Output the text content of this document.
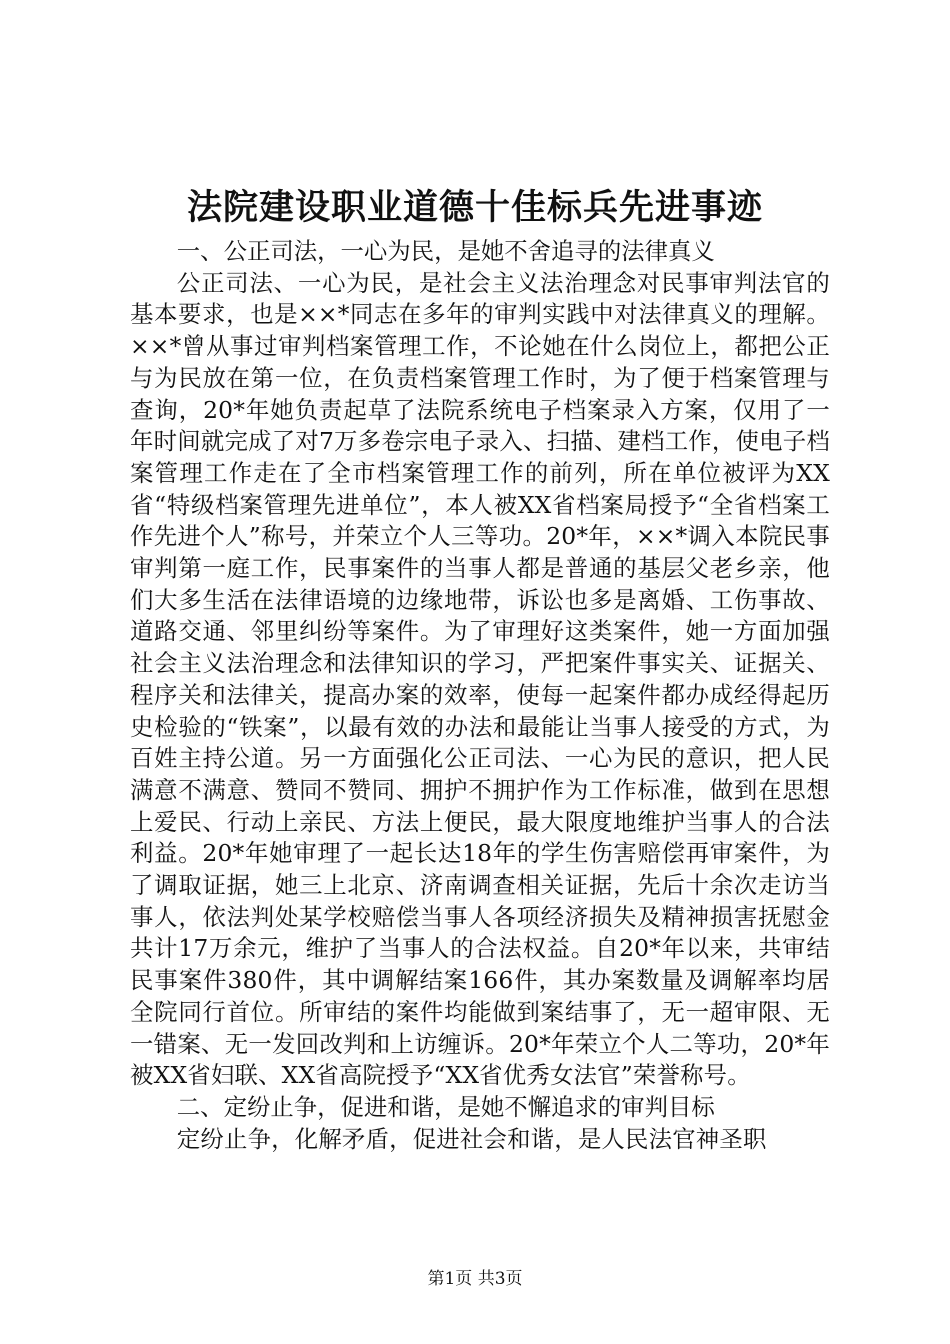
法院建设职业道德十佳标兵先进事迹

一、公正司法，一心为民，是她不舍追寻的法律真义

公正司法、一心为民，是社会主义法治理念对民事审判法官的基本要求，也是××*同志在多年的审判实践中对法律真义的理解。××*曾从事过审判档案管理工作，不论她在什么岗位上，都把公正与为民放在第一位，在负责档案管理工作时，为了便于档案管理与查询，20*年她负责起草了法院系统电子档案录入方案，仅用了一年时间就完成了对7万多卷宗电子录入、扫描、建档工作，使电子档案管理工作走在了全市档案管理工作的前列，所在单位被评为XX省“特级档案管理先进单位”，本人被XX省档案局授予“全省档案工作先进个人”称号，并荣立个人三等功。20*年，××*调入本院民事审判第一庭工作，民事案件的当事人都是普通的基层父老乡亲，他们大多生活在法律语境的边缘地带，诉讼也多是离婚、工伤事故、道路交通、邻里纠纷等案件。为了审理好这类案件，她一方面加强社会主义法治理念和法律知识的学习，严把案件事实关、证据关、程序关和法律关，提高办案的效率，使每一起案件都办成经得起历史检验的“铁案”，以最有效的办法和最能让当事人接受的方式，为百姓主持公道。另一方面强化公正司法、一心为民的意识，把人民满意不满意、赞同不赞同、拥护不拥护作为工作标准，做到在思想上爱民、行动上亲民、方法上便民，最大限度地维护当事人的合法利益。20*年她审理了一起长达18年的学生伤害赔偿再审案件，为了调取证据，她三上北京、济南调查相关证据，先后十余次走访当事人，依法判处某学校赔偿当事人各项经济损失及精神损害抚慰金共计17万余元，维护了当事人的合法权益。自20*年以来，共审结民事案件380件，其中调解结案166件，其办案数量及调解率均居全院同行首位。所审结的案件均能做到案结事了，无一超审限、无一错案、无一发回改判和上访缠诉。20*年荣立个人二等功，20*年被XX省妇联、XX省高院授予“XX省优秀女法官”荣誉称号。

二、定纷止争，促进和谐，是她不懈追求的审判目标

定纷止争，化解矛盾，促进社会和谐，是人民法官神圣职

第1页 共3页
